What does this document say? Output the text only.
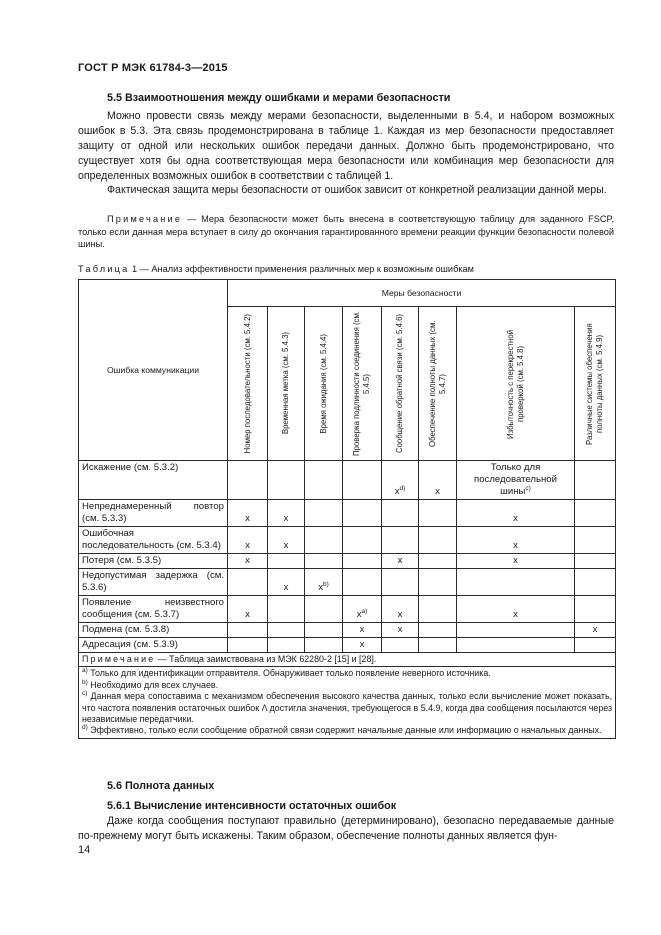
ГОСТ Р МЭК 61784-3—2015
5.5 Взаимоотношения между ошибками и мерами безопасности
Можно провести связь между мерами безопасности, выделенными в 5.4, и набором возможных ошибок в 5.3. Эта связь продемонстрирована в таблице 1. Каждая из мер безопасности предоставляет защиту от одной или нескольких ошибок передачи данных. Должно быть продемонстрировано, что существует хотя бы одна соответствующая мера безопасности или комбинация мер безопасности для определенных возможных ошибок в соответствии с таблицей 1.
Фактическая защита меры безопасности от ошибок зависит от конкретной реализации данной меры.
Примечание — Мера безопасности может быть внесена в соответствующую таблицу для заданного FSCP, только если данная мера вступает в силу до окончания гарантированного времени реакции функции безопасности полевой шины.
Таблица 1 — Анализ эффективности применения различных мер к возможным ошибкам
Ошибка коммуникации	Меры безопасности							

	Номер последовательности (см. 5.4.2)	Временная метка (см. 5.4.3)	Время ожидания (см. 5.4.4)	Проверка подлинности соединения (см. 5.4.5)	Сообщение обратной связи (см. 5.4.6)	Обеспечение полноты данных (см. 5.4.7)	Избыточность с перекрестной проверкой (см. 5.4.8)	Различные системы обеспечения полноты данных (см. 5.4.9)

Искажение (см. 5.3.2)					$x^{d)}$	x	Только для последовательной шины$^{c)}$	
Непреднамеренный повтор (см. 5.3.3)	x	x					x	
Ошибочная последовательность (см. 5.3.4)	x	x					x	
Потеря (см. 5.3.5)	x				x		x	
Недопустимая задержка (см. 5.3.6)		x	$x^{b)}$					
Появление неизвестного сообщения (см. 5.3.7)	x			$x^{a)}$	x		x	
Подмена (см. 5.3.8)				x	x			x
Адресация (см. 5.3.9)				x				
Примечание — Таблица заимствована из МЭК 62280-2 [15] и [28].								

$^{a)}$ Только для идентификации отправителя. Обнаруживает только появление неверного источника.
$^{b)}$ Необходимо для всех случаев.
$^{c)}$ Данная мера сопоставима с механизмом обеспечения высокого качества данных, только если вычисление может показать, что частота появления остаточных ошибок Λ достигла значения, требующегося в 5.4.9, когда два сообщения посылаются через независимые передатчики.
$^{d)}$ Эффективно, только если сообщение обратной связи содержит начальные данные или информацию о начальных данных.								
5.6 Полнота данных
5.6.1 Вычисление интенсивности остаточных ошибок
Даже когда сообщения поступают правильно (детерминировано), безопасно передаваемые данные по-прежнему могут быть искажены. Таким образом, обеспечение полноты данных является фун-
14
